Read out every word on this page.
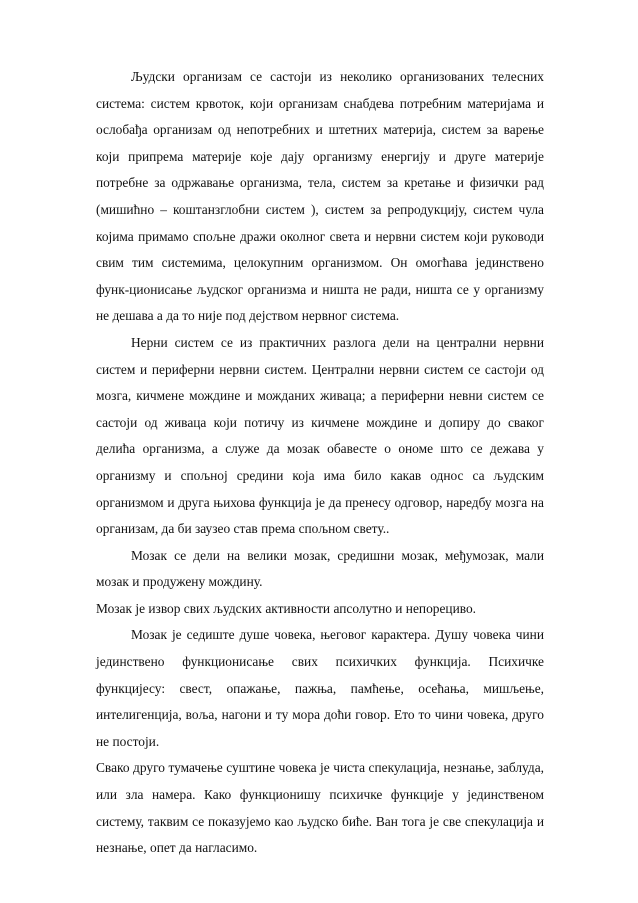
Људски организам се састоји из неколико организованих телесних система: систем крвоток, који организам снабдева потребним материјама и ослобађа организам од непотребних и штетних материја, систем за варење који припрема материје које дају организму енергију и друге материје потребне за одржавање организма, тела, систем за кретање и физички рад (мишићно – коштанзглобни систем ), систем за репродукцију, систем чула којима примамо спољне дражи околног света и нервни систем који руководи свим тим системима, целокупним организмом. Он омогћава јединствено функ-ционисање људског организма и ништа не ради, ништа се у организму не дешава а да то није под дејством нервног система.

Нерни систем се из практичних разлога дели на централни нервни систем и периферни нервни систем. Централни нервни систем се састоји од мозга, кичмене мождине и мождaних живаца; а периферни невни систем се састоји од живаца који потичу из кичмене мождине и допиру до сваког делића организма, а служе да мозак обавесте о ономе што се дежава у организму и спољној средини која има било какав однос са људским организмом и друга њихова функција је да пренесу одговор, наредбу мозга на организам, да би заузео став према спољном свету..

Мозак се дели на велики мозак, средишни мозак, међумозак, мали мозак и продужену мождину.

Мозак је извор свих људских активности апсолутно и непорециво.

Мозак је седиште душе човека, његовог карактера. Душу човека чини јединствено функционисање свих психичких функција. Психичке функцијесу: свест, опажање, пажња, памћење, осећања, мишљење, интелигенција, воља, нагони и ту мора доћи говор. Ето то чини човека, друго не постоји.

Свако друго тумачење суштине човека је чиста спекулација, незнање, заблуда, или зла намера. Како функционишу психичке функције у јединственом систему, таквим се показујемо као људско биће. Ван тога је све спекулација и незнање, опет да нагласимо.
